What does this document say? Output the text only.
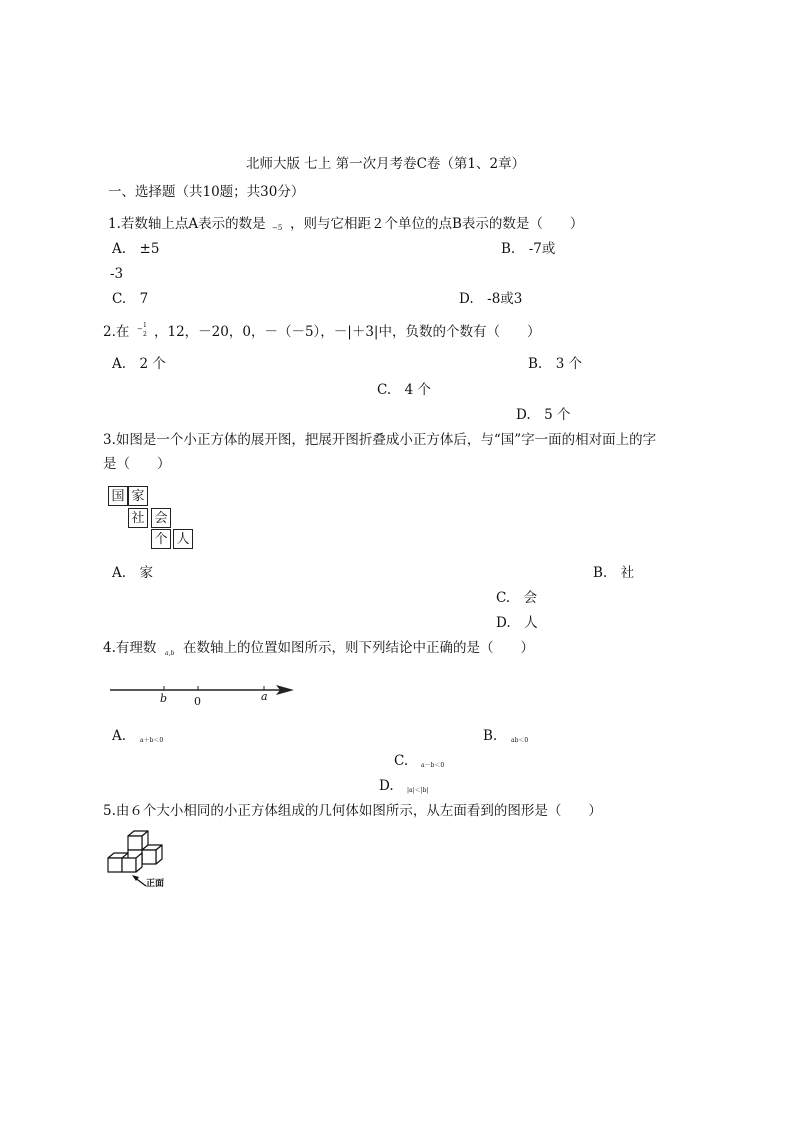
北师大版 七上 第一次月考卷C卷（第1、2章）
一、选择题（共10题；共30分）
1.若数轴上点A表示的数是 −5 ，则与它相距２个单位的点B表示的数是（　　）
A.　±5	B.　-7或
-3
C.　7	D.　-8或3
2.在 − 1
2 ，12，－20，0，－（－5），－|＋3|中，负数的个数有（　　）
A.　2 个	B.　3 个
C.　4 个
D.　5 个
3.如图是一个小正方体的展开图，把展开图折叠成小正方体后，与“国”字一面的相对面上的字
是（　　）
国 家
社 会
个 人
A.　家	B.　社
C.　会
D.　人
4.有理数 a,b 在数轴上的位置如图所示，则下列结论中正确的是（　　）
b 0	a
A. a＋b＜0	B. ab＜0
C. a－b＜0
D. |a|＜|b|
5.由６个大小相同的小正方体组成的几何体如图所示，从左面看到的图形是（　　）
正面
